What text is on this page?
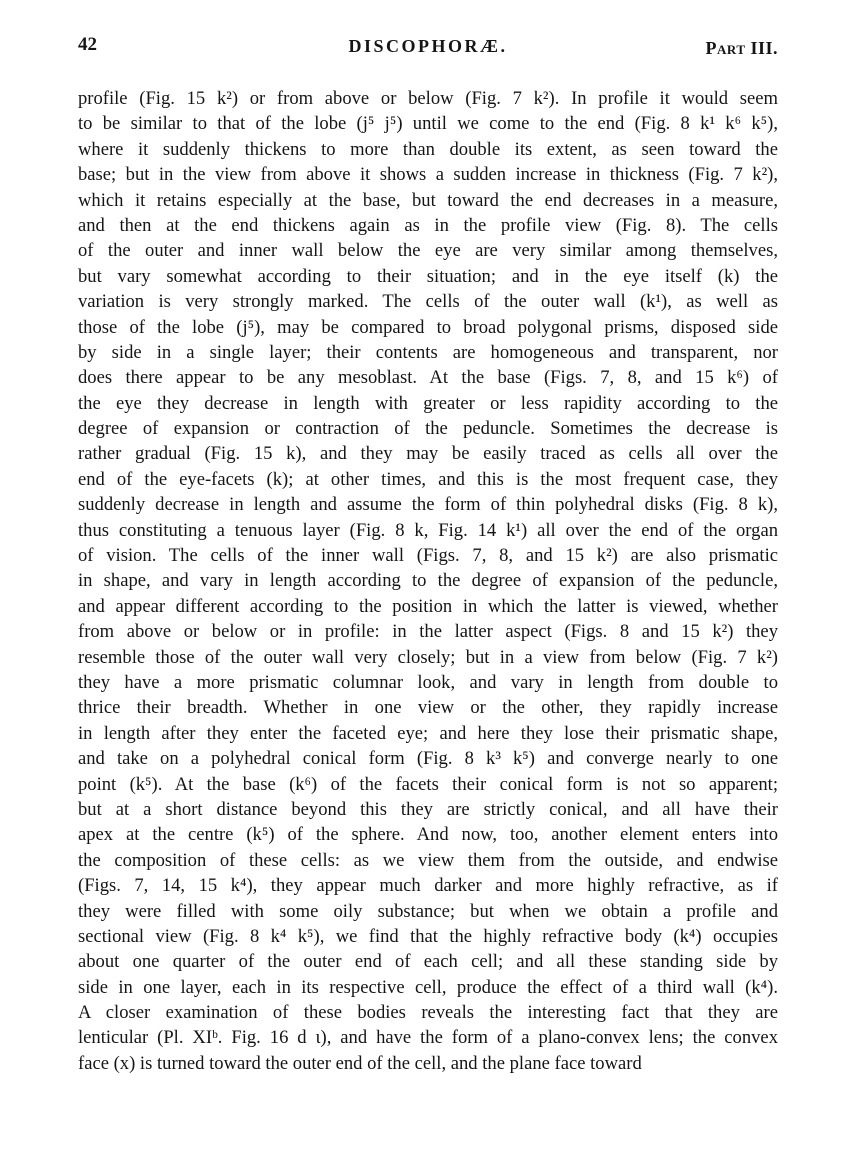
42	DISCOPHORÆ.	Part III.
profile (Fig. 15 k²) or from above or below (Fig. 7 k²). In profile it would seem
to be similar to that of the lobe (j⁵ j⁵) until we come to the end (Fig. 8 k¹ k⁶ k⁵),
where it suddenly thickens to more than double its extent, as seen toward the
base; but in the view from above it shows a sudden increase in thickness (Fig. 7 k²),
which it retains especially at the base, but toward the end decreases in a measure,
and then at the end thickens again as in the profile view (Fig. 8). The cells
of the outer and inner wall below the eye are very similar among themselves,
but vary somewhat according to their situation; and in the eye itself (k) the
variation is very strongly marked. The cells of the outer wall (k¹), as well as
those of the lobe (j⁵), may be compared to broad polygonal prisms, disposed side
by side in a single layer; their contents are homogeneous and transparent, nor
does there appear to be any mesoblast. At the base (Figs. 7, 8, and 15 k⁶) of
the eye they decrease in length with greater or less rapidity according to the
degree of expansion or contraction of the peduncle. Sometimes the decrease is
rather gradual (Fig. 15 k), and they may be easily traced as cells all over the
end of the eye-facets (k); at other times, and this is the most frequent case, they
suddenly decrease in length and assume the form of thin polyhedral disks (Fig. 8 k),
thus constituting a tenuous layer (Fig. 8 k, Fig. 14 k¹) all over the end of the organ
of vision. The cells of the inner wall (Figs. 7, 8, and 15 k²) are also prismatic
in shape, and vary in length according to the degree of expansion of the peduncle,
and appear different according to the position in which the latter is viewed, whether
from above or below or in profile: in the latter aspect (Figs. 8 and 15 k²) they
resemble those of the outer wall very closely; but in a view from below (Fig. 7 k²)
they have a more prismatic columnar look, and vary in length from double to
thrice their breadth. Whether in one view or the other, they rapidly increase
in length after they enter the faceted eye; and here they lose their prismatic shape,
and take on a polyhedral conical form (Fig. 8 k³ k⁵) and converge nearly to one
point (k⁵). At the base (k⁶) of the facets their conical form is not so apparent;
but at a short distance beyond this they are strictly conical, and all have their
apex at the centre (k⁵) of the sphere. And now, too, another element enters into
the composition of these cells: as we view them from the outside, and endwise
(Figs. 7, 14, 15 k⁴), they appear much darker and more highly refractive, as if
they were filled with some oily substance; but when we obtain a profile and
sectional view (Fig. 8 k⁴ k⁵), we find that the highly refractive body (k⁴) occupies
about one quarter of the outer end of each cell; and all these standing side by
side in one layer, each in its respective cell, produce the effect of a third wall (k⁴).
A closer examination of these bodies reveals the interesting fact that they are
lenticular (Pl. XIᵇ. Fig. 16 d ι), and have the form of a plano-convex lens; the convex
face (x) is turned toward the outer end of the cell, and the plane face toward
